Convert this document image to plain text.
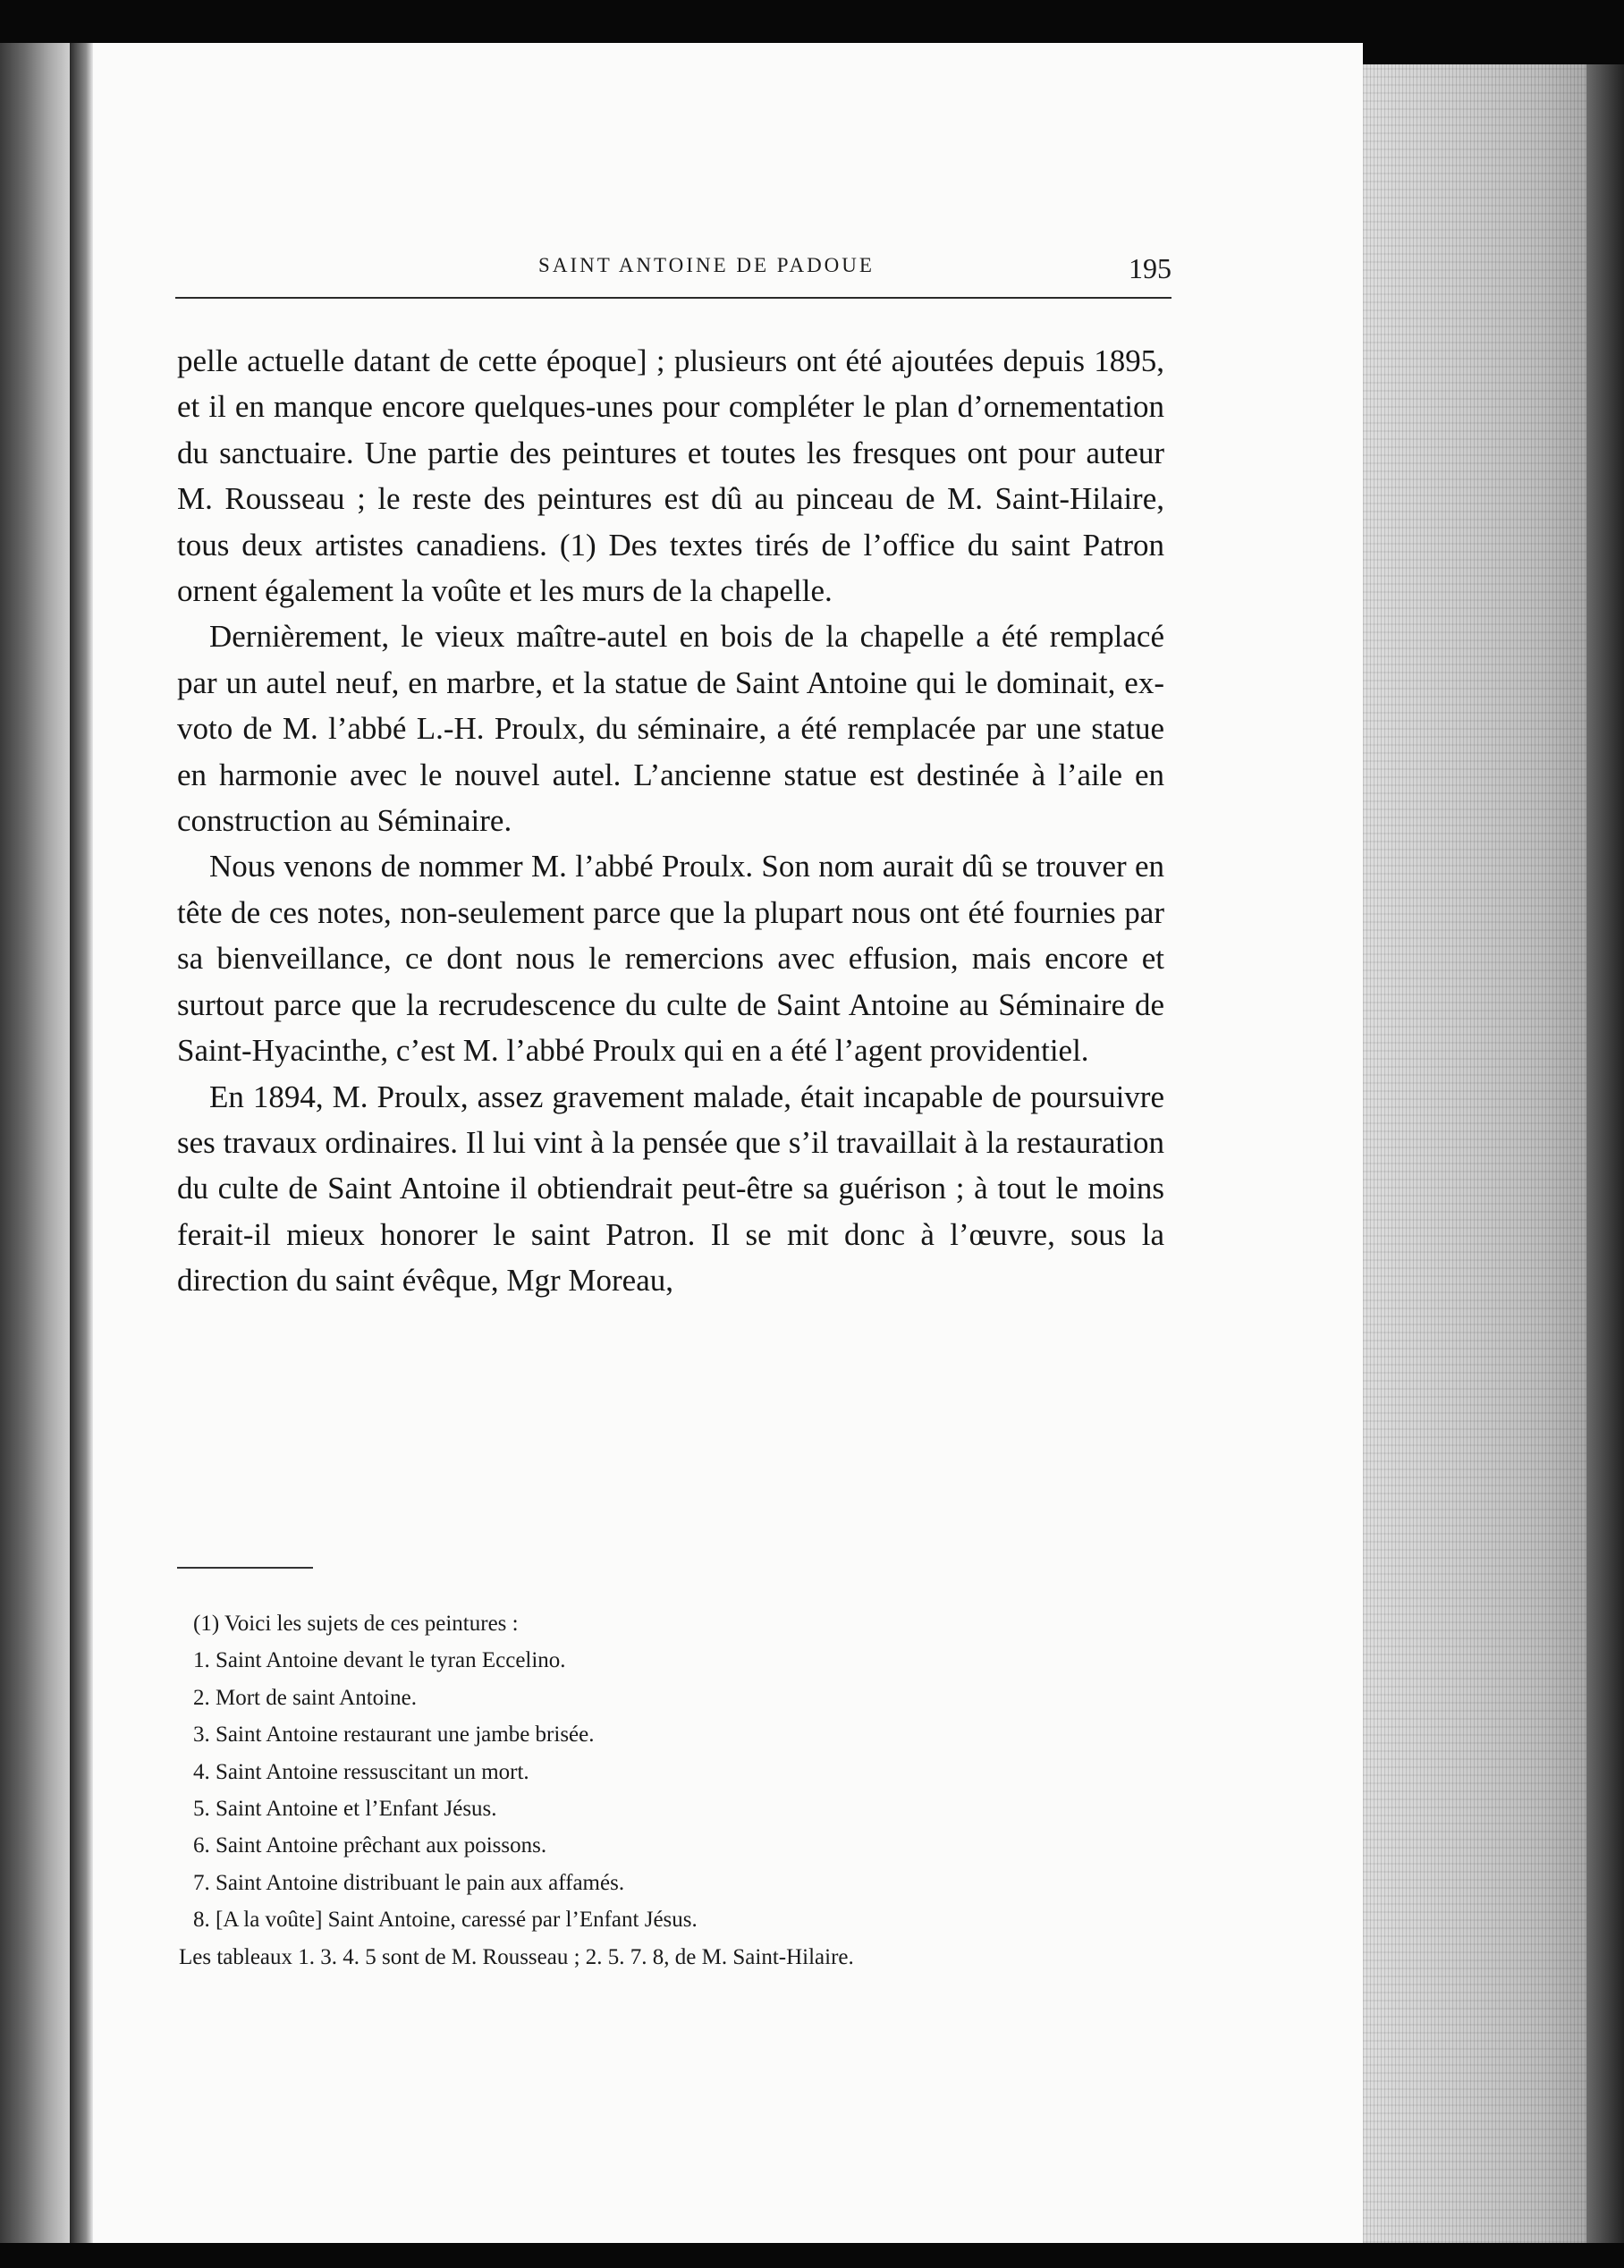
SAINT ANTOINE DE PADOUE	195

pelle actuelle datant de cette époque] ; plusieurs ont été ajoutées depuis 1895, et il en manque encore quelques-unes pour compléter le plan d’ornementation du sanctuaire. Une partie des peintures et toutes les fresques ont pour auteur M. Rousseau ; le reste des peintures est dû au pinceau de M. Saint-Hilaire, tous deux artistes canadiens. (1) Des textes tirés de l’office du saint Patron ornent également la voûte et les murs de la chapelle.

Dernièrement, le vieux maître-autel en bois de la chapelle a été remplacé par un autel neuf, en marbre, et la statue de Saint Antoine qui le dominait, ex-voto de M. l’abbé L.-H. Proulx, du séminaire, a été remplacée par une statue en harmonie avec le nouvel autel. L’ancienne statue est destinée à l’aile en construction au Séminaire.

Nous venons de nommer M. l’abbé Proulx. Son nom aurait dû se trouver en tête de ces notes, non-seulement parce que la plupart nous ont été fournies par sa bienveillance, ce dont nous le remercions avec effusion, mais encore et surtout parce que la recrudescence du culte de Saint Antoine au Séminaire de Saint-Hyacinthe, c’est M. l’abbé Proulx qui en a été l’agent providentiel.

En 1894, M. Proulx, assez gravement malade, était incapable de poursuivre ses travaux ordinaires. Il lui vint à la pensée que s’il travaillait à la restauration du culte de Saint Antoine il obtiendrait peut-être sa guérison ; à tout le moins ferait-il mieux honorer le saint Patron. Il se mit donc à l’œuvre, sous la direction du saint évêque, Mgr Moreau,

(1) Voici les sujets de ces peintures :
1. Saint Antoine devant le tyran Eccelino.
2. Mort de saint Antoine.
3. Saint Antoine restaurant une jambe brisée.
4. Saint Antoine ressuscitant un mort.
5. Saint Antoine et l’Enfant Jésus.
6. Saint Antoine prêchant aux poissons.
7. Saint Antoine distribuant le pain aux affamés.
8. [A la voûte] Saint Antoine, caressé par l’Enfant Jésus.
Les tableaux 1. 3. 4. 5 sont de M. Rousseau ; 2. 5. 7. 8, de M. Saint-Hilaire.
